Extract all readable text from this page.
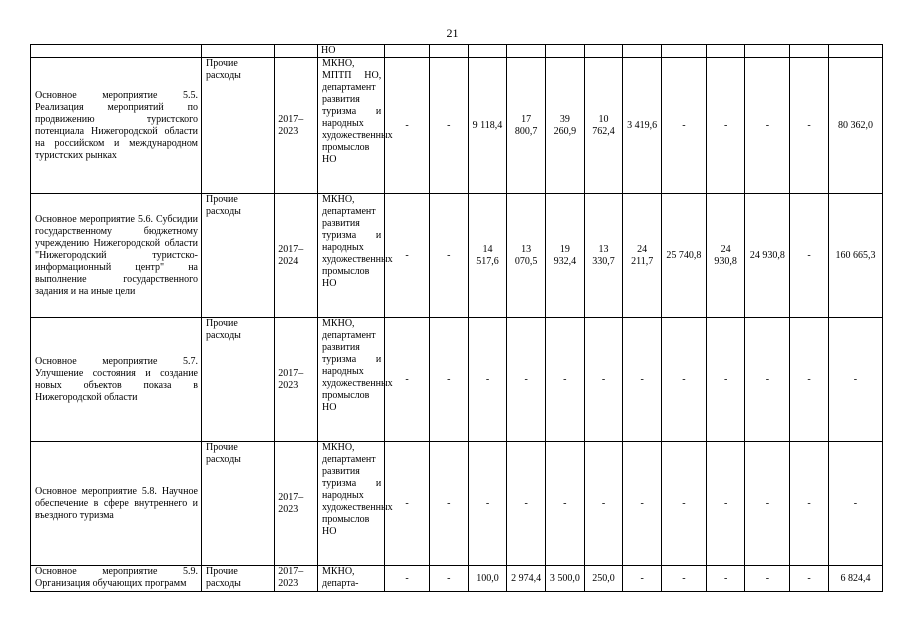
21
			НО												
Основное мероприятие 5.5. Реализация мероприятий по продвижению туристского потенциала Нижегородской области на российском и международном туристских рынках	Прочие расходы	2017–2023	МКНО, МПТП НО, департамент развития туризма и народных художественных промыслов НО	-	-	9 118,4	17 800,7	39 260,9	10 762,4	3 419,6	-	-	-	-	80 362,0
Основное мероприятие 5.6. Субсидии государственному бюджетному учреждению Нижегородской области "Нижегородский туристско-информационный центр" на выполнение государственного задания и на иные цели	Прочие расходы	2017–2024	МКНО, департамент развития туризма и народных художественных промыслов НО	-	-	14 517,6	13 070,5	19 932,4	13 330,7	24 211,7	25 740,8	24 930,8	24 930,8	-	160 665,3
Основное мероприятие 5.7. Улучшение состояния и создание новых объектов показа в Нижегородской области	Прочие расходы	2017–2023	МКНО, департамент развития туризма и народных художественных промыслов НО	-	-	-	-	-	-	-	-	-	-	-	-
Основное мероприятие 5.8. Научное обеспечение в сфере внутреннего и въездного туризма	Прочие расходы	2017–2023	МКНО, департамент развития туризма и народных художественных промыслов НО	-	-	-	-	-	-	-	-	-	-	-	-
Основное мероприятие 5.9. Организация обучающих программ	Прочие расходы	2017–2023	МКНО, департа-	-	-	100,0	2 974,4	3 500,0	250,0	-	-	-	-	-	6 824,4
